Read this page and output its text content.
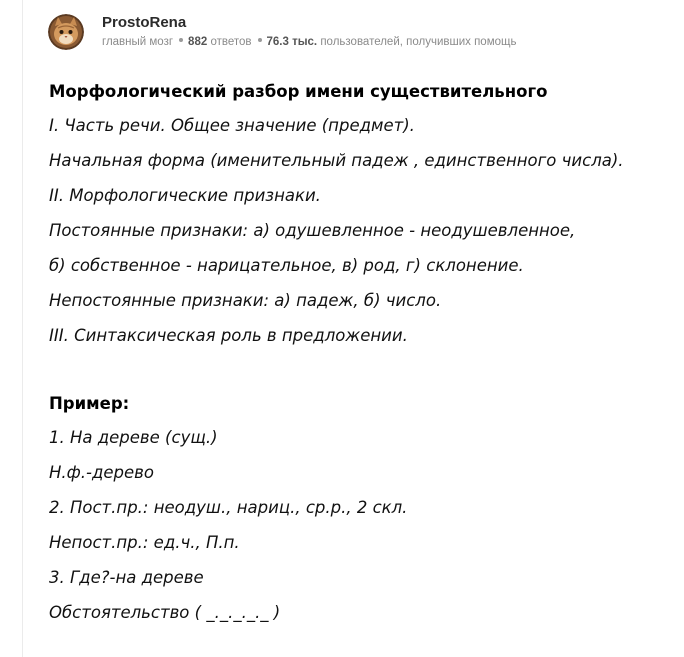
ProstoRena
главный мозг 882 ответов 76.3 тыс. пользователей, получивших помощь
Морфологический разбор имени существительного
I. Часть речи. Общее значение (предмет).
Начальная форма (именительный падеж , единственного числа).
II. Морфологические признаки.
Постоянные признаки: а) одушевленное - неодушевленное,
б) собственное - нарицательное, в) род, г) склонение.
Непостоянные признаки: а) падеж, б) число.
III. Синтаксическая роль в предложении.
Пример:
1. На дереве (сущ.)
Н.ф.-дерево
2. Пост.пр.: неодуш., нариц., ср.р., 2 скл.
Непост.пр.: ед.ч., П.п.
3. Где?-на дереве
Обстоятельство ( _._._._._ )
